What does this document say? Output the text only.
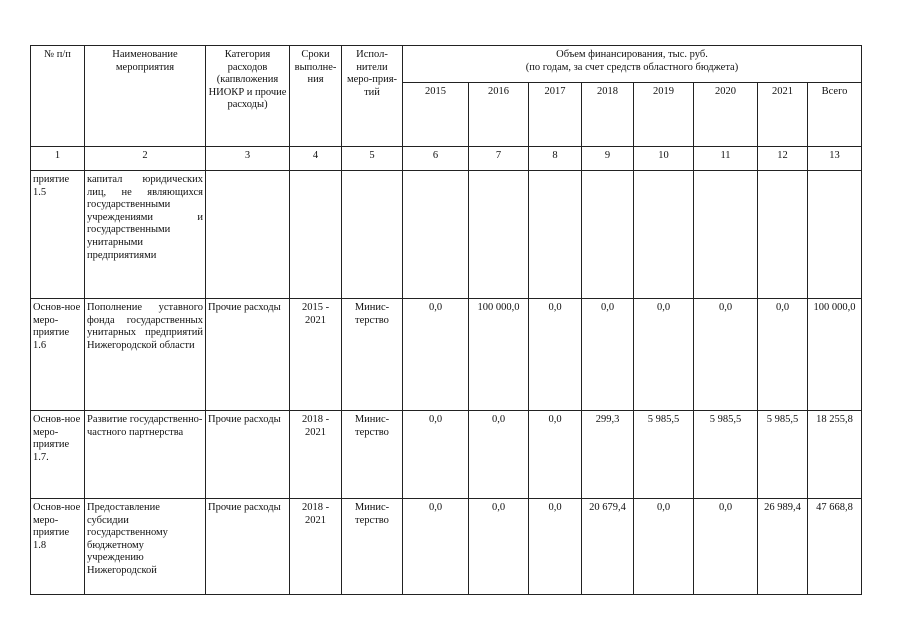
№ п/п	Наименование мероприятия	Категория расходов (капвложения НИОКР и прочие расходы)	Сроки выполне-ния	Испол-нители меро-прия-тий	Объем финансирования, тыс. руб.
(по годам, за счет средств областного бюджета)							

					2015	2016	2017	2018	2019	2020	2021	Всего
1	2	3	4	5	6	7	8	9	10	11	12	13
приятие 1.5	капитал юридических лиц, не являющихся государственными учреждениями и государственными унитарными предприятиями											
Основ-ное меро-приятие 1.6	Пополнение уставного фонда государственных унитарных предприятий Нижегородской области	Прочие расходы	2015 - 2021	Минис-терство	0,0	100 000,0	0,0	0,0	0,0	0,0	0,0	100 000,0
Основ-ное меро-приятие 1.7.	Развитие государственно-частного партнерства	Прочие расходы	2018 - 2021	Минис-терство	0,0	0,0	0,0	299,3	5 985,5	5 985,5	5 985,5	18 255,8
Основ-ное меро-приятие 1.8	Предоставление субсидии государственному бюджетному учреждению Нижегородской	Прочие расходы	2018 - 2021	Минис-терство	0,0	0,0	0,0	20 679,4	0,0	0,0	26 989,4	47 668,8
